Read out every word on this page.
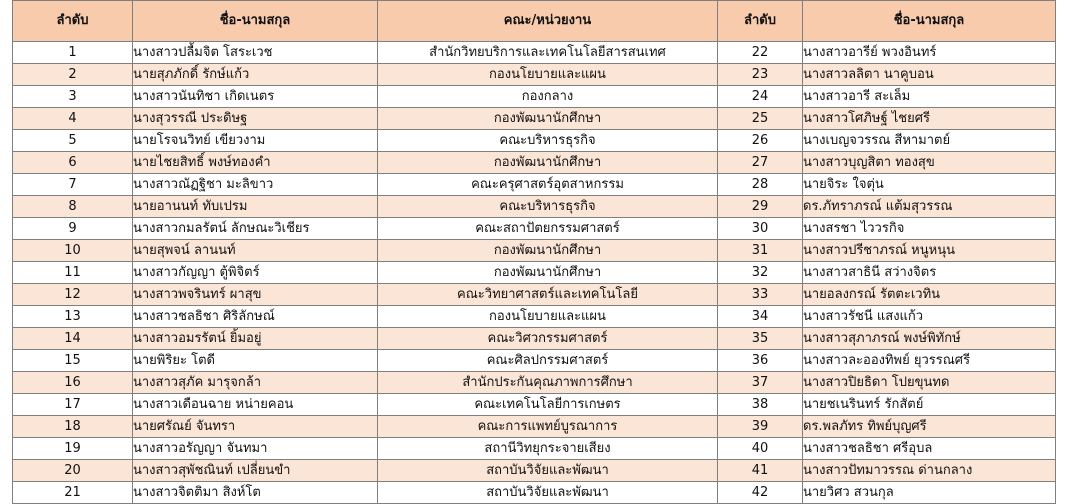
ลำดับ	ชื่อ-นามสกุล	คณะ/หน่วยงาน	ลำดับ	ชื่อ-นามสกุล
1	นางสาวปลื้มจิต โสระเวช	สำนักวิทยบริการและเทคโนโลยีสารสนเทศ	22	นางสาวอารีย์ พวงอินทร์
2	นายสุภภักดิ์ รักษ์แก้ว	กองนโยบายและแผน	23	นางสาวลลิตา นาคูบอน
3	นางสาวนันทิชา เกิดเนตร	กองกลาง	24	นางสาวอารี สะเล็ม
4	นางสุวรรณี ประดิษฐ	กองพัฒนานักศึกษา	25	นางสาวโศภิษฐ์ ไชยศรี
5	นายโรจนวิทย์ เขียวงาม	คณะบริหารธุรกิจ	26	นางเบญจวรรณ สีหามาตย์
6	นายไชยสิทธิ์ พงษ์ทองคำ	กองพัฒนานักศึกษา	27	นางสาวบุญสิตา ทองสุข
7	นางสาวณัฏฐิชา มะลิขาว	คณะครุศาสตร์อุตสาหกรรม	28	นายจิระ ใจตุ่น
8	นายอานนท์ ทับเปรม	คณะบริหารธุรกิจ	29	ดร.ภัทราภรณ์ แต้มสุวรรณ
9	นางสาวกมลรัตน์ ลักษณะวิเชียร	คณะสถาปัตยกรรมศาสตร์	30	นางสรชา ไววรกิจ
10	นายสุพจน์ ลานนท์	กองพัฒนานักศึกษา	31	นางสาวปรีชาภรณ์ หนูหนุน
11	นางสาวกัญญา ตู้พิจิตร์	กองพัฒนานักศึกษา	32	นางสาวสาธินี สว่างจิตร
12	นางสาวพจรินทร์ ผาสุข	คณะวิทยาศาสตร์และเทคโนโลยี	33	นายอลงกรณ์ รัตตะเวทิน
13	นางสาวชลธิชา ศิริลักษณ์	กองนโยบายและแผน	34	นางสาวรัชนี แสงแก้ว
14	นางสาวอมรรัตน์ ยิ้มอยู่	คณะวิศวกรรมศาสตร์	35	นางสาวสุภาภรณ์ พงษ์พิทักษ์
15	นายพิริยะ โตดี	คณะศิลปกรรมศาสตร์	36	นางสาวละอองทิพย์ ยุวรรณศรี
16	นางสาวสุภัค มารุจกล้า	สำนักประกันคุณภาพการศึกษา	37	นางสาวปิยธิดา โปยขุนทด
17	นางสาวเดือนฉาย หน่ายคอน	คณะเทคโนโลยีการเกษตร	38	นายชเนรินทร์ รักสัตย์
18	นายศรัณย์ จันทรา	คณะการแพทย์บูรณาการ	39	ดร.พลภัทร ทิพย์บุญศรี
19	นางสาวอรัญญา จันทมา	สถานีวิทยุกระจายเสียง	40	นางสาวชลธิชา ศรีอุบล
20	นางสาวสุพัชณินท์ เปลี่ยนขำ	สถาบันวิจัยและพัฒนา	41	นางสาวปัทมาวรรณ ด่านกลาง
21	นางสาวจิตติมา สิงห์โต	สถาบันวิจัยและพัฒนา	42	นายวิศว สวนกุล
